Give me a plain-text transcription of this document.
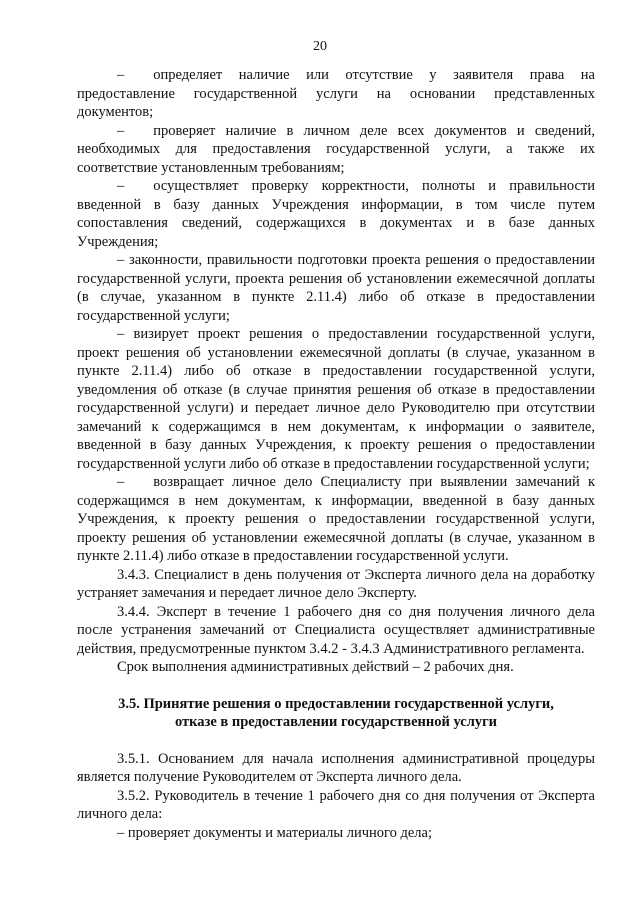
20

–  определяет наличие или отсутствие у заявителя права на предоставление государственной услуги на основании представленных документов;

–  проверяет наличие в личном деле всех документов и сведений, необходимых для предоставления государственной услуги, а также их соответствие установленным требованиям;

–  осуществляет проверку корректности, полноты и правильности введенной в базу данных Учреждения информации, в том числе путем сопоставления сведений, содержащихся в документах и в базе данных Учреждения;

– законности, правильности подготовки проекта решения о предоставлении государственной услуги, проекта решения об установлении ежемесячной доплаты (в случае, указанном в пункте 2.11.4) либо об отказе в предоставлении государственной услуги;

– визирует проект решения о предоставлении государственной услуги, проект решения об установлении ежемесячной доплаты (в случае, указанном в пункте 2.11.4) либо об отказе в предоставлении государственной услуги, уведомления об отказе (в случае принятия решения об отказе в предоставлении государственной услуги) и передает личное дело Руководителю при отсутствии замечаний к содержащимся в нем документам, к информации о заявителе, введенной в базу данных Учреждения, к проекту решения о предоставлении государственной услуги либо об отказе в предоставлении государственной услуги;

–  возвращает личное дело Специалисту при выявлении замечаний к содержащимся в нем документам, к информации, введенной в базу данных Учреждения, к проекту решения о предоставлении государственной услуги, проекту решения об установлении ежемесячной доплаты (в случае, указанном в пункте 2.11.4) либо отказе в предоставлении государственной услуги.

3.4.3. Специалист в день получения от Эксперта личного дела на доработку устраняет замечания и передает личное дело Эксперту.

3.4.4. Эксперт в течение 1 рабочего дня со дня получения личного дела после устранения замечаний от Специалиста осуществляет административные действия, предусмотренные пунктом 3.4.2 - 3.4.3 Административного регламента.

Срок выполнения административных действий – 2 рабочих дня.

3.5. Принятие решения о предоставлении государственной услуги,
отказе в предоставлении государственной услуги

3.5.1. Основанием для начала исполнения административной процедуры является получение Руководителем от Эксперта личного дела.

3.5.2. Руководитель в течение 1 рабочего дня со дня получения от Эксперта личного дела:

– проверяет документы и материалы личного дела;
